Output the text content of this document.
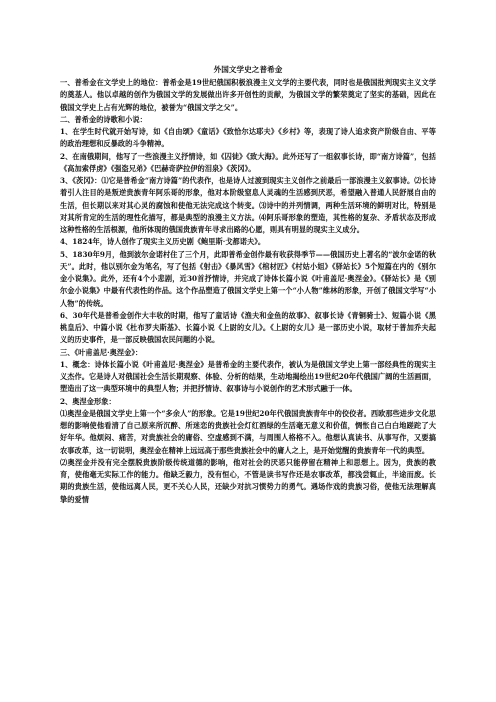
外国文学史之普希金

一、普希金在文学史上的地位：普希金是19世纪俄国积极浪漫主义文学的主要代表，同时也是俄国批判现实主义文学的奠基人。他以卓越的创作为俄国文学的发展做出许多开创性的贡献，为俄国文学的繁荣奠定了坚实的基础，因此在俄国文学史上占有光辉的地位，被誉为“俄国文学之父”。

二、普希金的诗歌和小说：

1、在学生时代就开始写诗，如《自由颂》《童话》《致恰尔达耶夫》《乡村》等，表现了诗人追求资产阶级自由、平等的政治理想和反暴政的斗争精神。

2、在南俄期间，他写了一些浪漫主义抒情诗，如《囚徒》《致大海》。此外还写了一组叙事长诗，即“南方诗篇”，包括《高加索俘虏》《强盗兄弟》《巴赫奇萨拉伊的泪泉》《茨冈》。

3、《茨冈》：⑴它是普希金“南方诗篇”的代表作，也是诗人过渡到现实主义创作之前最后一部浪漫主义叙事诗。⑵长诗着引人注目的是叛逆贵族青年阿乐哥的形象，他对本阶级窒息人灵魂的生活感到厌恶，希望融入普通人民舒展自由的生活，但长期以来对其心灵的腐蚀和使他无法完成这个转变。⑶诗中的并列情调，两种生活环境的鲜明对比，特别是对其所肯定的生活的理性化描写，都是典型的浪漫主义方法。⑷阿乐哥形象的塑造，其性格的复杂、矛盾状态及形成这种性格的生活根源，他所体现的俄国贵族青年寻求出路的心愿，则具有明显的现实主义成分。

4、1824年，诗人创作了现实主义历史剧《鲍里斯·戈都诺夫》。

5、1830年9月，他到波尔金诺村住了三个月，此即普希金创作最有收获得季节——俄国历史上著名的“波尔金诺的秋天”。此时，他以别尔金为笔名，写了包括《射击》《暴风雪》《棺材匠》《村姑小姐》《驿站长》5个短篇在内的《别尔金小说集》。此外，还有4个小悲剧，近30首抒情诗，并完成了诗体长篇小说《叶甫盖尼·奥涅金》。《驿站长》是《别尔金小说集》中最有代表性的作品。这个作品塑造了俄国文学史上第一个“小人物”维林的形象，开创了俄国文学写“小人物”的传统。

6、30年代是普希金创作大丰收的时期，他写了童话诗《渔夫和金鱼的故事》、叙事长诗《青铜骑士》、短篇小说《黑桃皇后》、中篇小说《杜布罗夫斯基》、长篇小说《上尉的女儿》。《上尉的女儿》是一部历史小说，取材于普加乔夫起义的历史事件，是一部反映俄国农民问题的小说。

三、《叶甫盖尼·奥涅金》：

1、概念：诗体长篇小说《叶甫盖尼·奥涅金》是普希金的主要代表作，被认为是俄国文学史上第一部经典性的现实主义杰作。它是诗人对俄国社会生活长期观察、体验、分析的结果，生动地揭绘出19世纪20年代俄国广阔的生活画面，塑造出了这一典型环境中的典型人物；并把抒情诗、叙事诗与小说创作的艺术形式融于一体。

2、奥涅金形象：

⑴奥涅金是俄国文学史上第一个“多余人”的形象。它是19世纪20年代俄国贵族青年中的佼佼者。西欧那些进步文化思想的影响使他看清了自己原来所沉醉、所迷恋的贵族社会灯红酒绿的生活毫无意义和价值，惆怅自己白白地蹉跎了大好年华。他烦闷、痛苦，对贵族社会的庸俗、空虚感到不满，与周围人格格不入。他想认真读书、从事写作，又要搞农事改革，这一切说明，奥涅金在精神上远远高于那些贵族社会中的庸人之上，是开始觉醒的贵族青年一代的典型。

⑵奥涅金并没有完全摆脱贵族阶级传统道德的影响，他对社会的厌恶只能停留在精神上和思想上。因为，贵族的教育，使他毫无实际工作的能力。他缺乏毅力，没有恒心，不管是读书写作还是农事改革，都浅尝辄止，半途而废。长期的贵族生活，使他远离人民，更不关心人民，还缺少对抗习惯势力的勇气。遇场作戏的贵族习俗，使他无法理解真挚的爱情
